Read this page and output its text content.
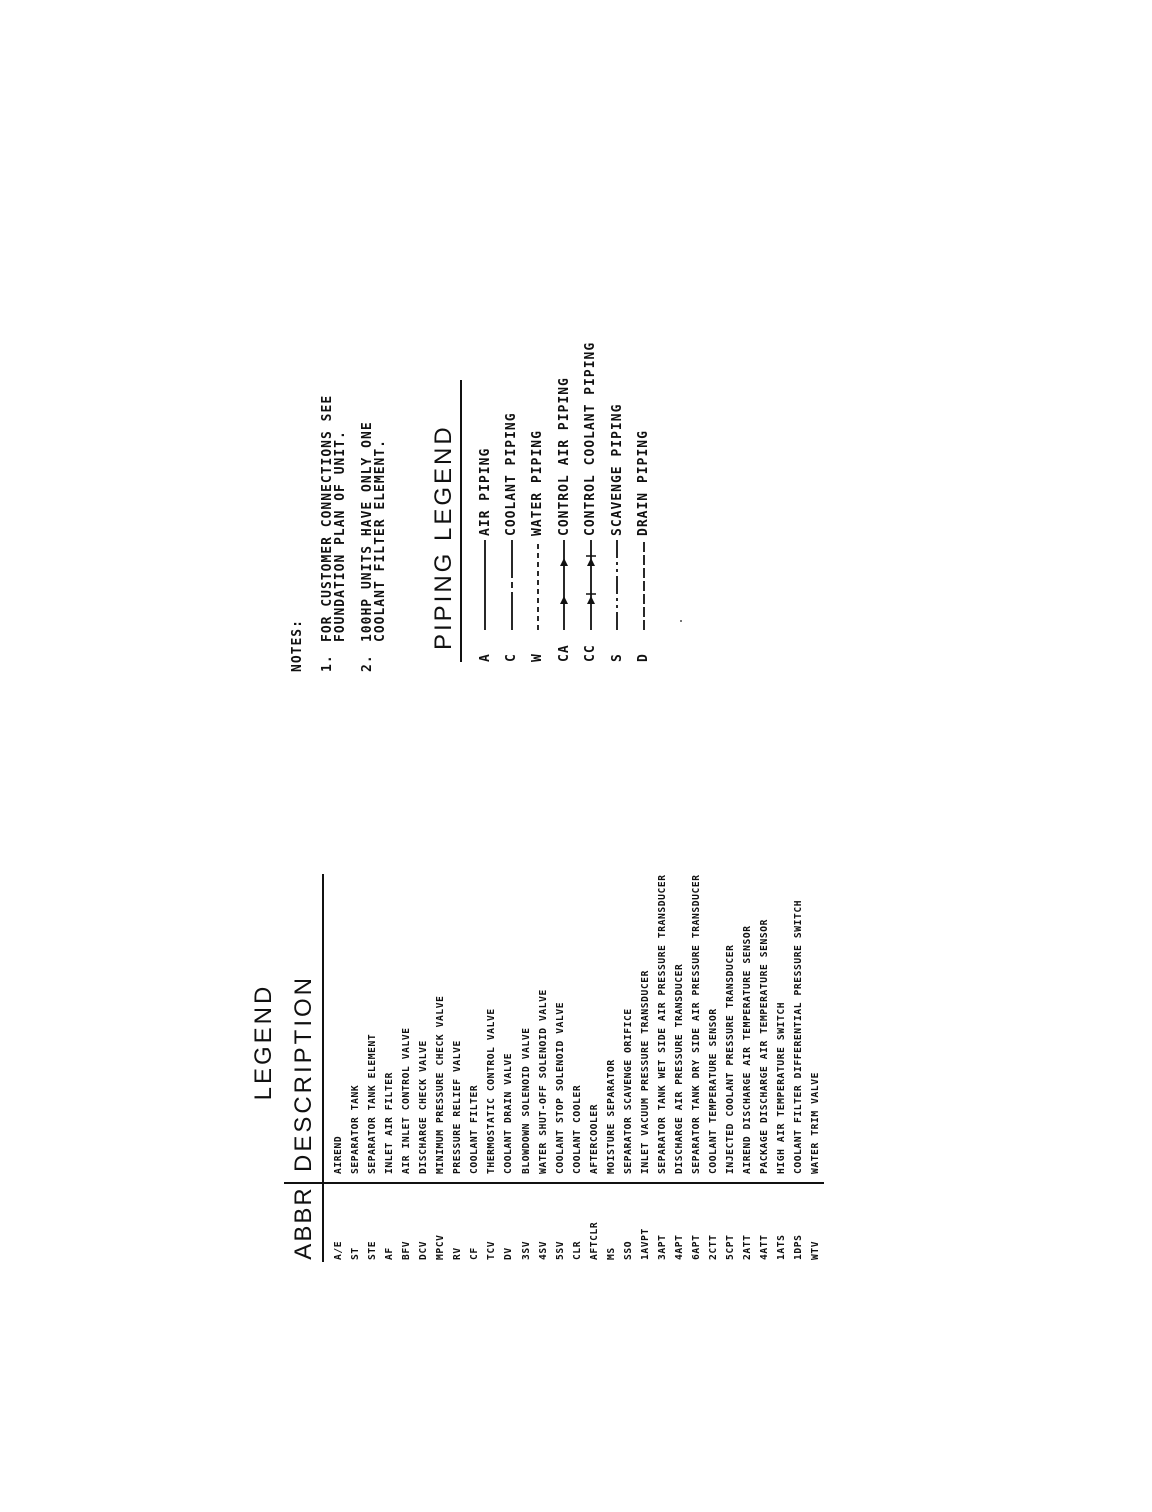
LEGEND
ABBR
DESCRIPTION
A/E ST STE AF BFV DCV MPCV RV CF TCV DV 3SV 4SV 5SV CLR AFTCLR MS SSO 1AVPT 3APT 4APT 6APT 2CTT 5CPT 2ATT 4ATT 1ATS 1DPS WTV
AIREND SEPARATOR TANK SEPARATOR TANK ELEMENT INLET AIR FILTER AIR INLET CONTROL VALVE DISCHARGE CHECK VALVE MINIMUM PRESSURE CHECK VALVE PRESSURE RELIEF VALVE COOLANT FILTER THERMOSTATIC CONTROL VALVE COOLANT DRAIN VALVE BLOWDOWN SOLENOID VALVE WATER SHUT-OFF SOLENOID VALVE COOLANT STOP SOLENOID VALVE COOLANT COOLER AFTERCOOLER MOISTURE SEPARATOR SEPARATOR SCAVENGE ORIFICE INLET VACUUM PRESSURE TRANSDUCER SEPARATOR TANK WET SIDE AIR PRESSURE TRANSDUCER DISCHARGE AIR PRESSURE TRANSDUCER SEPARATOR TANK DRY SIDE AIR PRESSURE TRANSDUCER COOLANT TEMPERATURE SENSOR INJECTED COOLANT PRESSURE TRANSDUCER AIREND DISCHARGE AIR TEMPERATURE SENSOR PACKAGE DISCHARGE AIR TEMPERATURE SENSOR HIGH AIR TEMPERATURE SWITCH COOLANT FILTER DIFFERENTIAL PRESSURE SWITCH WATER TRIM VALVE
NOTES: 1.
FOR CUSTOMER CONNECTIONS SEE
FOUNDATION PLAN OF UNIT.
2.
100HP UNITS HAVE ONLY ONE
COOLANT FILTER ELEMENT. PIPING LEGEND
A
AIR PIPING
C
COOLANT PIPING
W
WATER PIPING
CA
CONTROL AIR PIPING
CC
CONTROL COOLANT PIPING
S
SCAVENGE PIPING
D
DRAIN PIPING
